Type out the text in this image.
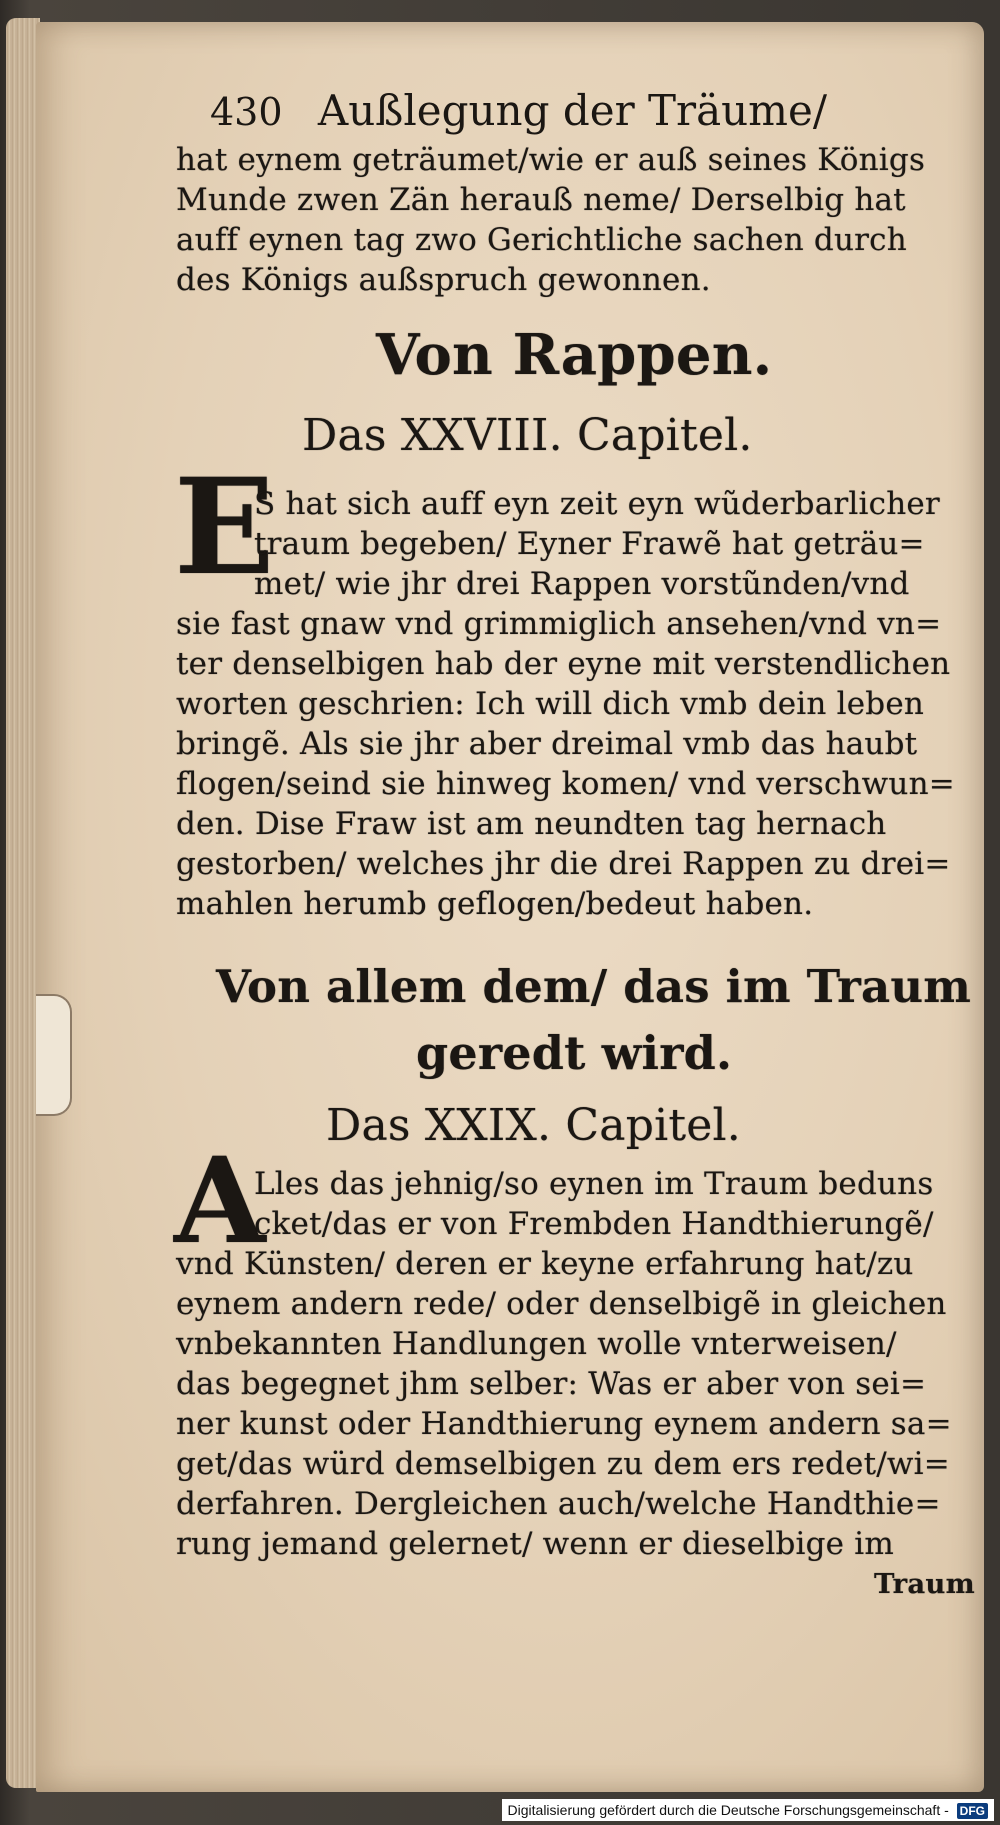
430 Außlegung der Träume/
hat eynem geträumet/wie er auß seines Königs
Munde zwen Zän herauß neme/ Derselbig hat
auff eynen tag zwo Gerichtliche sachen durch
des Königs außspruch gewonnen.
Von Rappen.
Das XXVIII. Capitel.
E
S hat sich auff eyn zeit eyn wũderbarlicher
traum begeben/ Eyner Frawẽ hat geträu=
met/ wie jhr drei Rappen vorstũnden/vnd
sie fast gnaw vnd grimmiglich ansehen/vnd vn=
ter denselbigen hab der eyne mit verstendlichen
worten geschrien: Ich will dich vmb dein leben
bringẽ. Als sie jhr aber dreimal vmb das haubt
flogen/seind sie hinweg komen/ vnd verschwun=
den. Dise Fraw ist am neundten tag hernach
gestorben/ welches jhr die drei Rappen zu drei=
mahlen herumb geflogen/bedeut haben.
Von allem dem/ das im Traum
geredt wird.
Das XXIX. Capitel.
A
Lles das jehnig/so eynen im Traum beduns
cket/das er von Frembden Handthierungẽ/
vnd Künsten/ deren er keyne erfahrung hat/zu
eynem andern rede/ oder denselbigẽ in gleichen
vnbekannten Handlungen wolle vnterweisen/
das begegnet jhm selber: Was er aber von sei=
ner kunst oder Handthierung eynem andern sa=
get/das würd demselbigen zu dem ers redet/wi=
derfahren. Dergleichen auch/welche Handthie=
rung jemand gelernet/ wenn er dieselbige im
Traum
Digitalisierung gefördert durch die Deutsche Forschungsgemeinschaft - DFG
